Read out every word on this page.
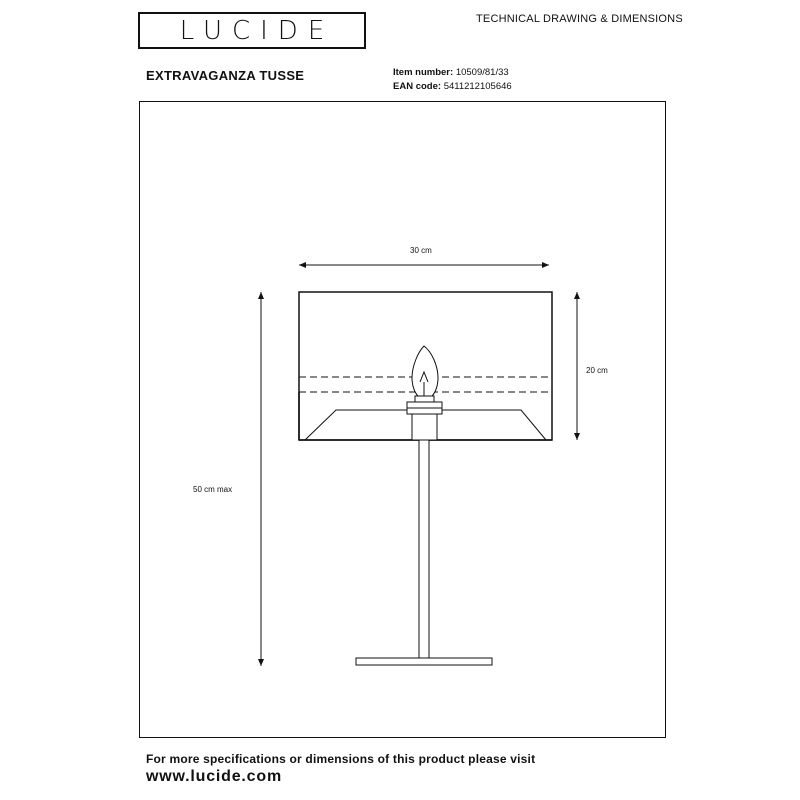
LUCIDE	TECHNICAL DRAWING & DIMENSIONS
EXTRAVAGANZA TUSSE	Item number: 10509/81/33
EAN code: 5411212105646
30 cm
20 cm
50 cm max
For more specifications or dimensions of this product please visit
www.lucide.com
